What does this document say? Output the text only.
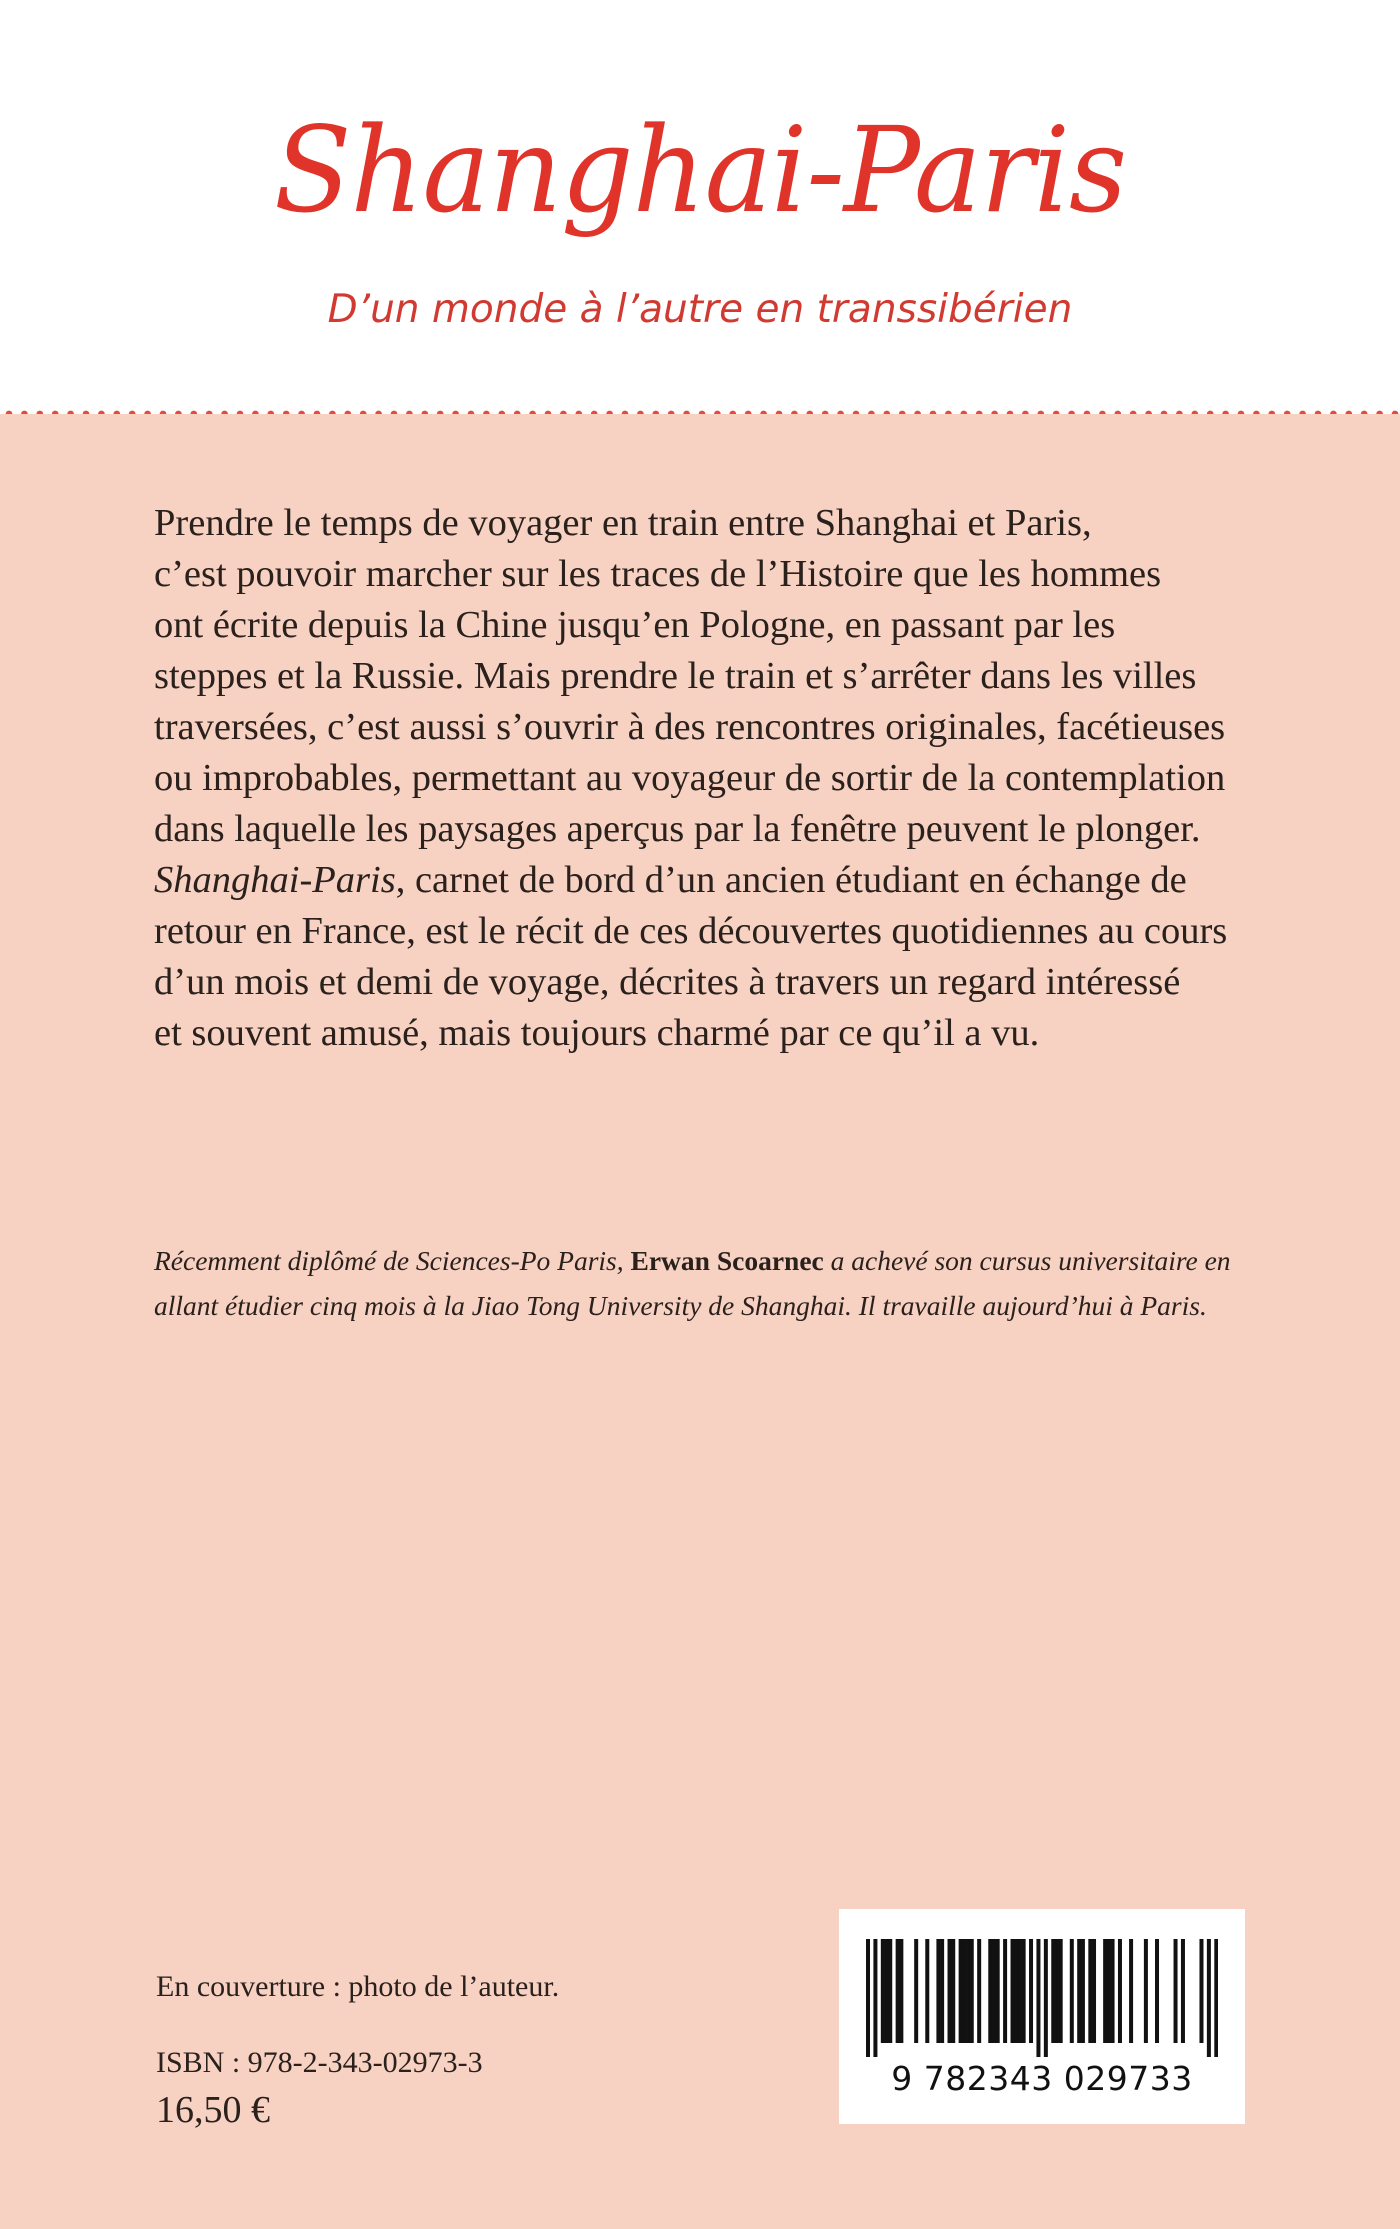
Shanghai-Paris
D’un monde à l’autre en transsibérien
Prendre le temps de voyager en train entre Shanghai et Paris,
c’est pouvoir marcher sur les traces de l’Histoire que les hommes
ont écrite depuis la Chine jusqu’en Pologne, en passant par les
steppes et la Russie. Mais prendre le train et s’arrêter dans les villes
traversées, c’est aussi s’ouvrir à des rencontres originales, facétieuses
ou improbables, permettant au voyageur de sortir de la contemplation
dans laquelle les paysages aperçus par la fenêtre peuvent le plonger.
Shanghai-Paris, carnet de bord d’un ancien étudiant en échange de
retour en France, est le récit de ces découvertes quotidiennes au cours
d’un mois et demi de voyage, décrites à travers un regard intéressé
et souvent amusé, mais toujours charmé par ce qu’il a vu.
Récemment diplômé de Sciences-Po Paris, Erwan Scoarnec a achevé son cursus universitaire en
allant étudier cinq mois à la Jiao Tong University de Shanghai. Il travaille aujourd’hui à Paris.
En couverture : photo de l’auteur.
ISBN : 978-2-343-02973-3
16,50 €
9 782343 029733
